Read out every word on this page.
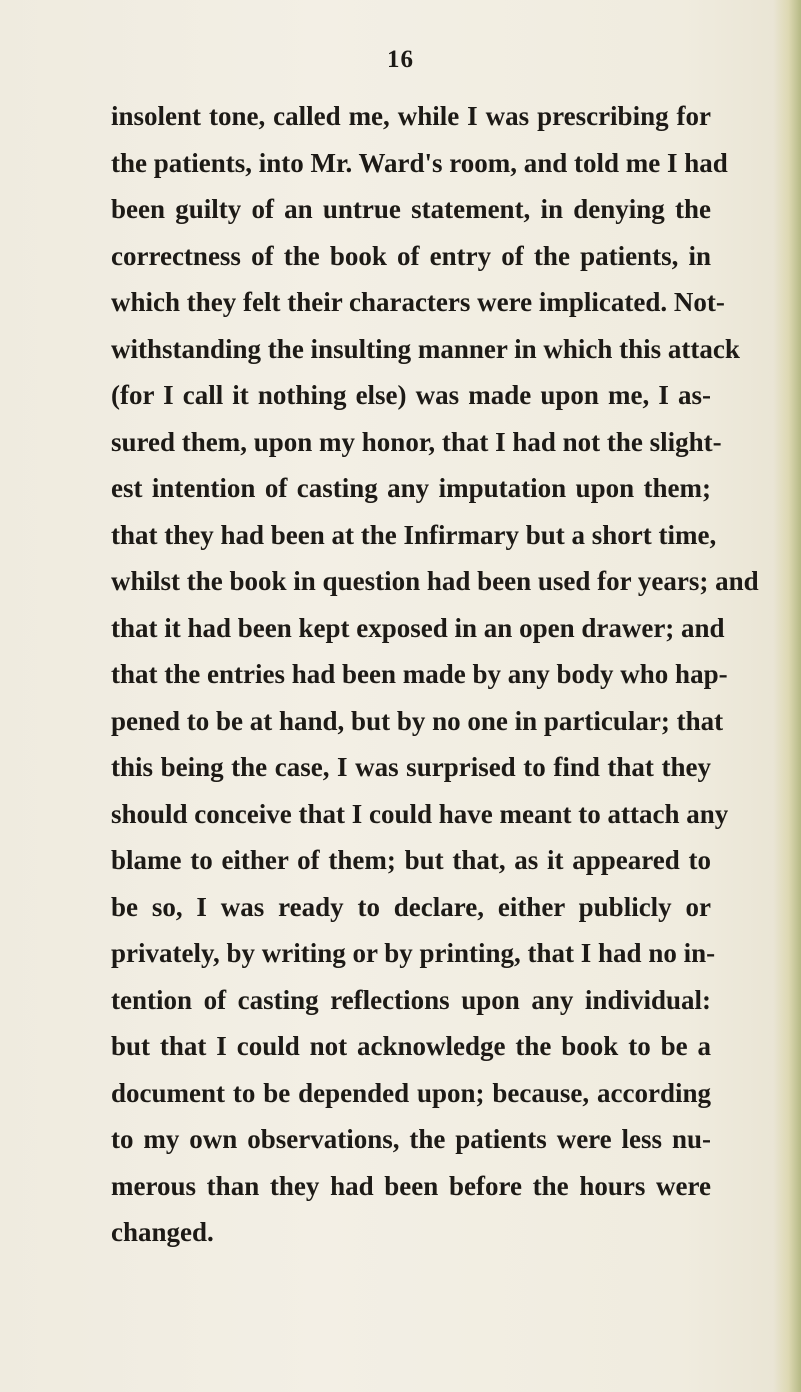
16
insolent tone, called me, while I was prescribing for
the patients, into Mr. Ward's room, and told me I had
been guilty of an untrue statement, in denying the
correctness of the book of entry of the patients, in
which they felt their characters were implicated. Not-
withstanding the insulting manner in which this attack
(for I call it nothing else) was made upon me, I as-
sured them, upon my honor, that I had not the slight-
est intention of casting any imputation upon them;
that they had been at the Infirmary but a short time,
whilst the book in question had been used for years; and
that it had been kept exposed in an open drawer; and
that the entries had been made by any body who hap-
pened to be at hand, but by no one in particular; that
this being the case, I was surprised to find that they
should conceive that I could have meant to attach any
blame to either of them; but that, as it appeared to
be so, I was ready to declare, either publicly or
privately, by writing or by printing, that I had no in-
tention of casting reflections upon any individual:
but that I could not acknowledge the book to be a
document to be depended upon; because, according
to my own observations, the patients were less nu-
merous than they had been before the hours were
changed.
